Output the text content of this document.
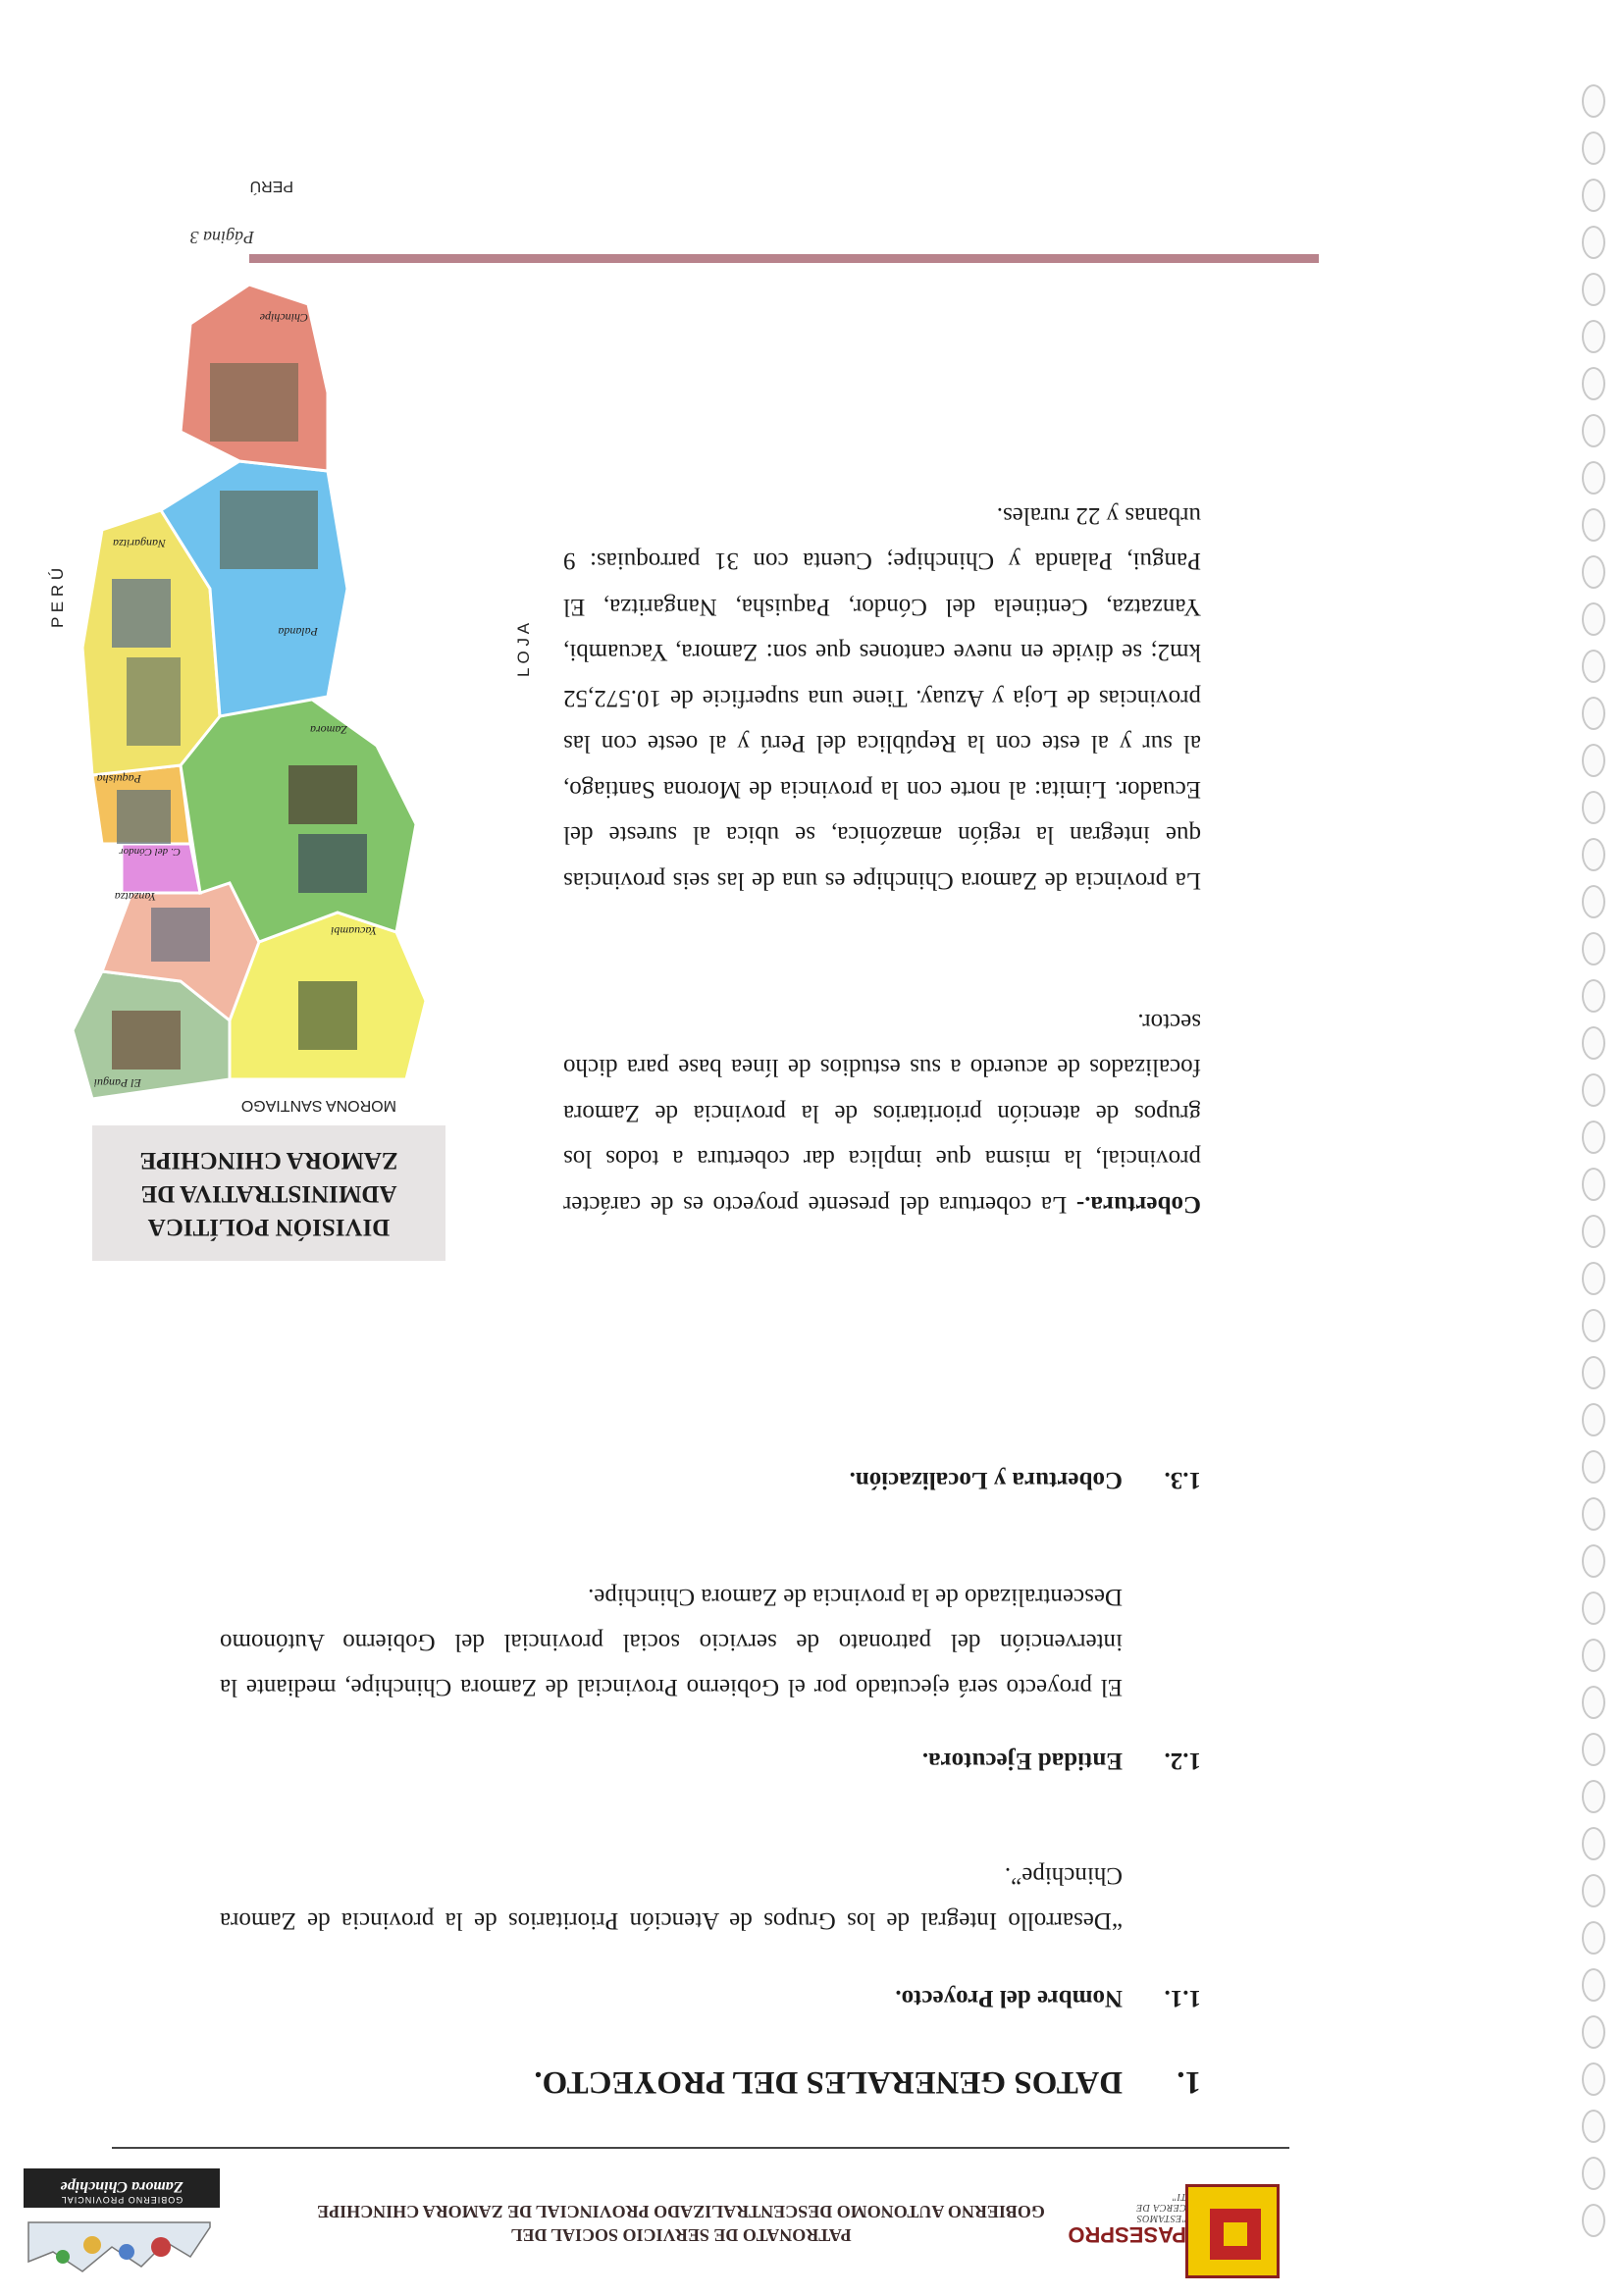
PASESPRO
"ESTAMOS CERCA DE TI"
PATRONATO DE SERVICIO SOCIAL DEL
GOBIERNO AUTONOMO DESCENTRALIZADO PROVINCIAL DE ZAMORA CHINCHIPE
GOBIERNO PROVINCIAL
Zamora Chinchipe
1.DATOS GENERALES DEL PROYECTO.
1.1.Nombre del Proyecto.
“Desarrollo Integral de los Grupos de Atención Prioritarios de la provincia de Zamora Chinchipe”.
1.2.Entidad Ejecutora.
El proyecto será ejecutado por el Gobierno Provincial de Zamora Chinchipe, mediante la intervención del patronato de servicio social provincial del Gobierno Autónomo Descentralizado de la provincia de Zamora Chinchipe.
1.3.Cobertura y Localización.
Cobertura.- La cobertura del presente proyecto es de carácter provincial, la misma que implica dar cobertura a todos los grupos de atención prioritarios de la provincia de Zamora focalizados de acuerdo a sus estudios de línea base para dicho sector.
La provincia de Zamora Chinchipe es una de las seis provincias que integran la región amazónica, se ubica al sureste del Ecuador. Limita: al norte con la provincia de Morona Santiago, al sur y al este con la República del Perú y al oeste con las provincias de Loja y Azuay. Tiene una superficie de 10.572,52 km2; se divide en nueve cantones que son: Zamora, Yacuambi, Yanzatza, Centinela del Cóndor, Paquisha, Nangaritza, El Pangui, Palanda y Chinchipe; Cuenta con 31 parroquias: 9 urbanas y 22 rurales.
DIVISIÓN POLÍTICA
ADMINISTRATIVA DE
ZAMORA CHINCHIPE
MORONA SANTIAGO
L O J A
P E R Ú
PERÚ
El Pangui
Yacuambi
Yanzatza
C. del Cóndor
Paquisha
Zamora
Nangaritza
Palanda
Chinchipe
Página 3
